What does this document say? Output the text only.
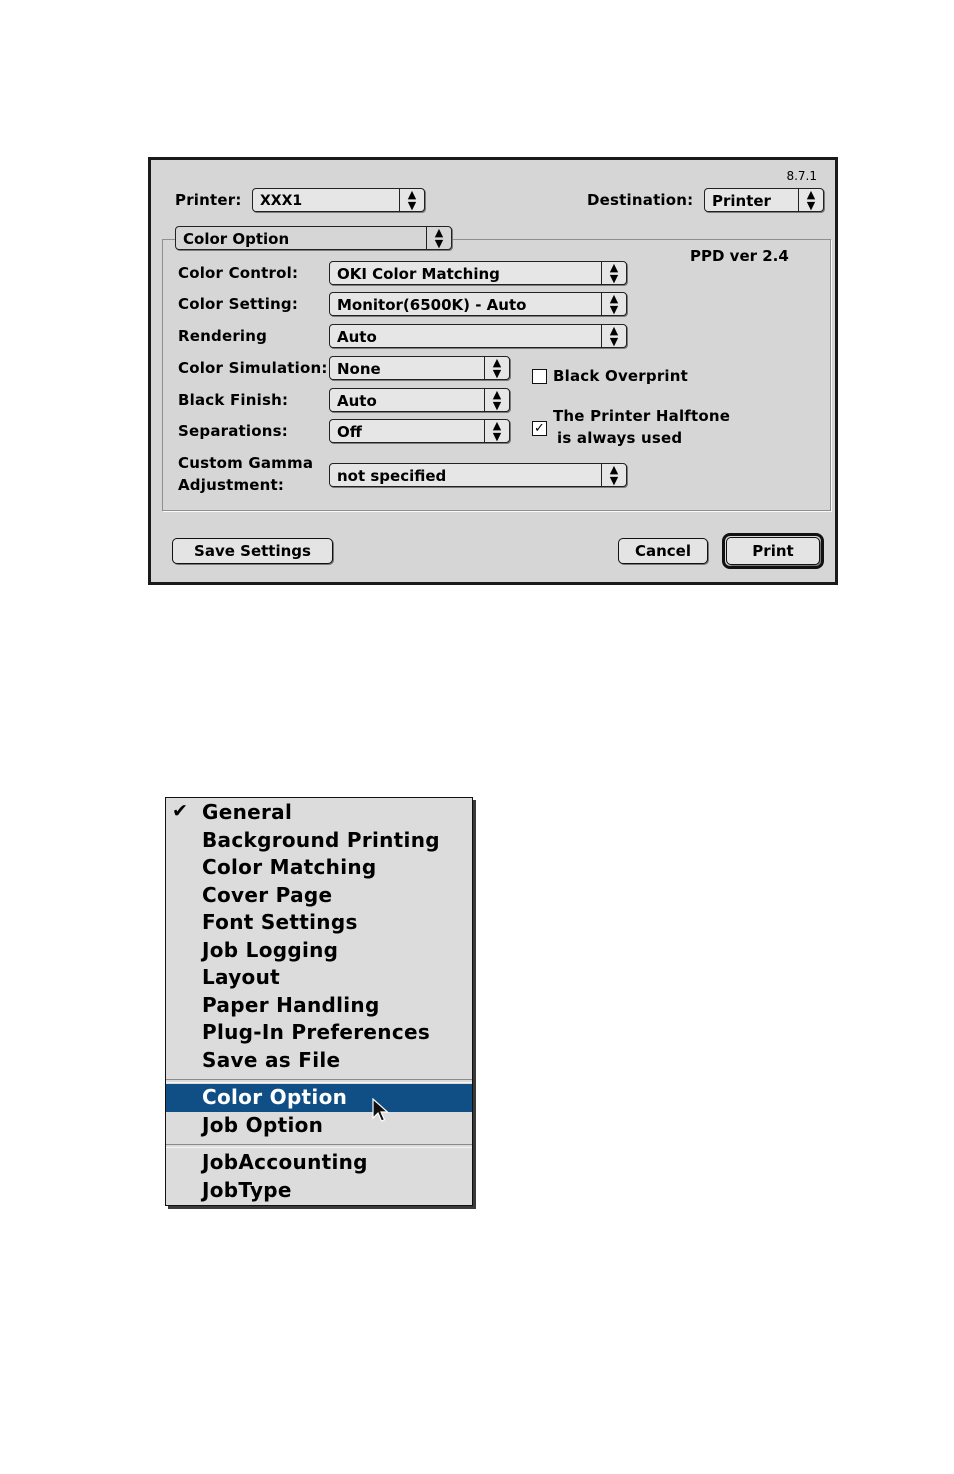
8.7.1
Printer: XXX1	▲
▼	Destination: Printer	▲
▼
Color Option	▲
▼
PPD ver 2.4
Color Control:	OKI Color Matching	▲
▼
Color Setting:	Monitor(6500K) - Auto	▲
▼
Rendering	Auto	▲
▼
Color Simulation: None	▲
▼
Black Finish:	Auto	▲
▼
Separations:	Off	▲
▼
Custom Gamma
Adjustment:	not specified	▲
▼
Black Overprint
✓
The Printer Halftone
is always used
Save Settings	Cancel	Print
✔ General
Background Printing
Color Matching
Cover Page
Font Settings
Job Logging
Layout
Paper Handling
Plug-In Preferences
Save as File
Color Option
Job Option
JobAccounting
JobType
